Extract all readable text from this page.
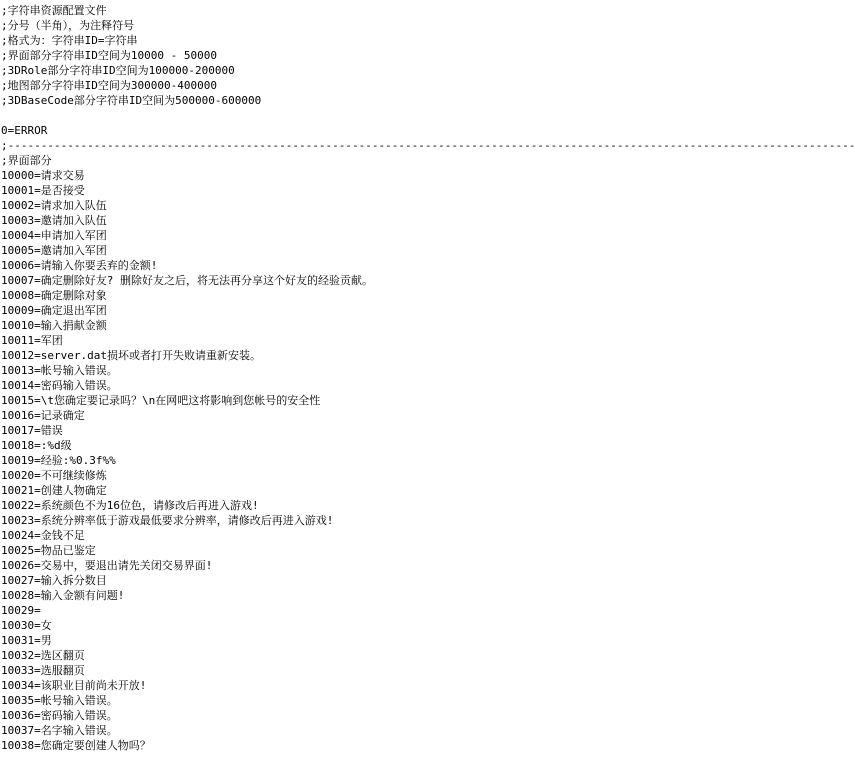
;字符串资源配置文件
;分号（半角），为注释符号
;格式为：字符串ID=字符串
;界面部分字符串ID空间为10000 - 50000
;3DRole部分字符串ID空间为100000-200000
;地图部分字符串ID空间为300000-400000
;3DBaseCode部分字符串ID空间为500000-600000
0=ERROR
;--------------------------------------------------------------------------------------------------------------------------------
;界面部分
10000=请求交易
10001=是否接受
10002=请求加入队伍
10003=邀请加入队伍
10004=申请加入军团
10005=邀请加入军团
10006=请输入你要丢弃的金额!
10007=确定删除好友? 删除好友之后，将无法再分享这个好友的经验贡献。
10008=确定删除对象
10009=确定退出军团
10010=输入捐献金额
10011=军团
10012=server.dat损坏或者打开失败请重新安装。
10013=帐号输入错误。
10014=密码输入错误。
10015=\t您确定要记录吗？\n在网吧这将影响到您帐号的安全性
10016=记录确定
10017=错误
10018=:%d级
10019=经验:%0.3f%%
10020=不可继续修炼
10021=创建人物确定
10022=系统颜色不为16位色，请修改后再进入游戏!
10023=系统分辨率低于游戏最低要求分辨率，请修改后再进入游戏!
10024=金钱不足
10025=物品已鉴定
10026=交易中，要退出请先关闭交易界面!
10027=输入拆分数目
10028=输入金额有问题!
10029=
10030=女
10031=男
10032=选区翻页
10033=选服翻页
10034=该职业目前尚未开放!
10035=帐号输入错误。
10036=密码输入错误。
10037=名字输入错误。
10038=您确定要创建人物吗？
